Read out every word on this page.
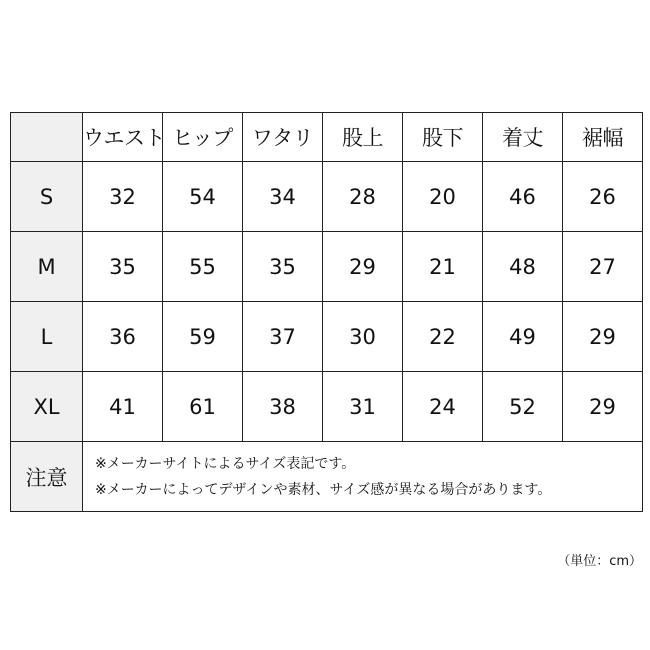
	ウエスト	ヒップ	ワタリ	股上	股下	着丈	裾幅
S	32	54	34	28	20	46	26
M	35	55	35	29	21	48	27
L	36	59	37	30	22	49	29
XL	41	61	38	31	24	52	29
注意	※メーカーサイトによるサイズ表記です。
※メーカーによってデザインや素材、サイズ感が異なる場合があります。						
（単位：cm）
